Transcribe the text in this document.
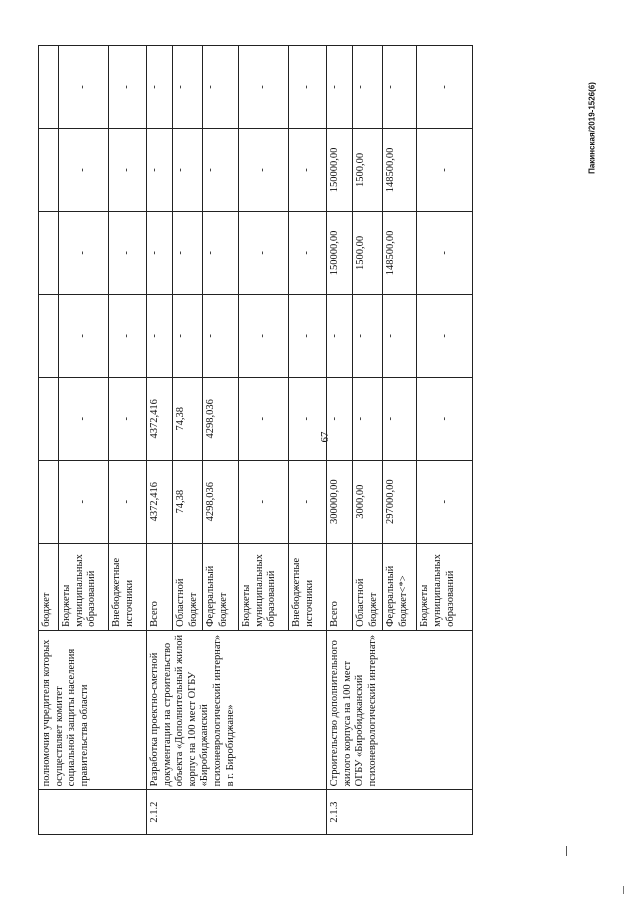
67
Пакинская/2019-1526(6)
	полномочия учредителя которых осуществляет комитет социальной защиты населения правительства области	бюджет						
		Бюджеты муниципальных образований	-	-	-	-	-	-
		Внебюджетные источники	-	-	-	-	-	-
2.1.2	Разработка проектно-сметной документации на строительство объекта «Дополнительный жилой корпус на 100 мест ОГБУ «Биробиджанский психоневрологический интернат» в г. Биробиджане»	Всего	4372,416	4372,416	-	-	-	-
		Областной бюджет	74,38	74,38	-	-	-	-
		Федеральный бюджет	4298,036	4298,036	-	-	-	-
		Бюджеты муниципальных образований	-	-	-	-	-	-
		Внебюджетные источники	-	-	-	-	-	-
2.1.3	Строительство дополнительного жилого корпуса на 100 мест ОГБУ «Биробиджанский психоневрологический интернат»	Всего	300000,00	-	-	150000,00	150000,00	-
		Областной бюджет	3000,00	-	-	1500,00	1500,00	-
		Федеральный бюджет<*>	297000,00	-	-	148500,00	148500,00	-
		Бюджеты муниципальных образований	-	-	-	-	-	-
